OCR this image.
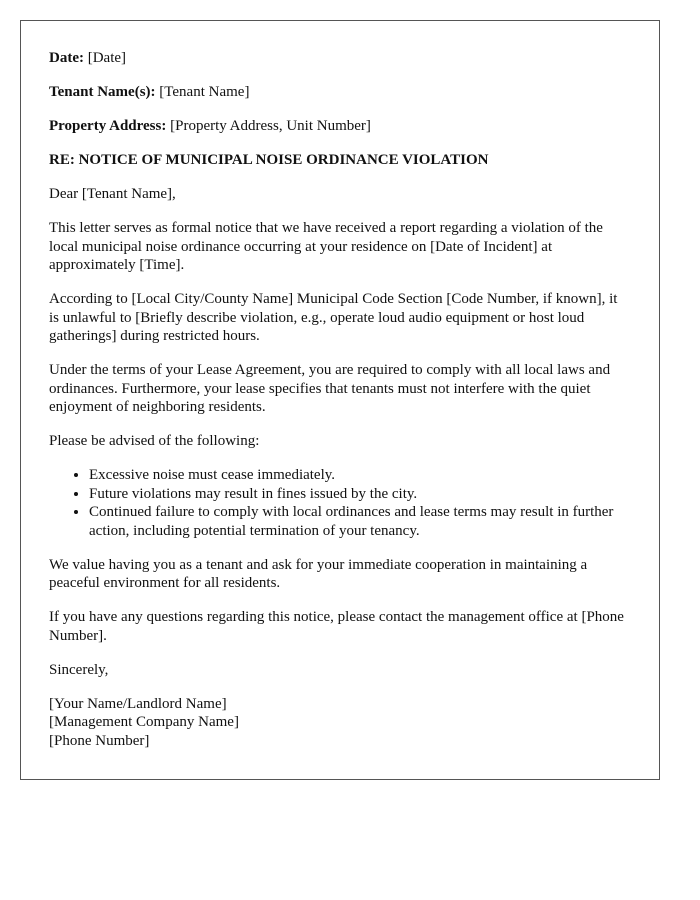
Date: [Date]
Tenant Name(s): [Tenant Name]
Property Address: [Property Address, Unit Number]
RE: NOTICE OF MUNICIPAL NOISE ORDINANCE VIOLATION

Dear [Tenant Name],

This letter serves as formal notice that we have received a report regarding a violation of the local municipal noise ordinance occurring at your residence on [Date of Incident] at approximately [Time].

According to [Local City/County Name] Municipal Code Section [Code Number, if known], it is unlawful to [Briefly describe violation, e.g., operate loud audio equipment or host loud gatherings] during restricted hours.

Under the terms of your Lease Agreement, you are required to comply with all local laws and ordinances. Furthermore, your lease specifies that tenants must not interfere with the quiet enjoyment of neighboring residents.

Please be advised of the following:

• Excessive noise must cease immediately.
• Future violations may result in fines issued by the city.
• Continued failure to comply with local ordinances and lease terms may result in further action, including potential termination of your tenancy.

We value having you as a tenant and ask for your immediate cooperation in maintaining a peaceful environment for all residents.

If you have any questions regarding this notice, please contact the management office at [Phone Number].

Sincerely,

[Your Name/Landlord Name]
[Management Company Name]
[Phone Number]
